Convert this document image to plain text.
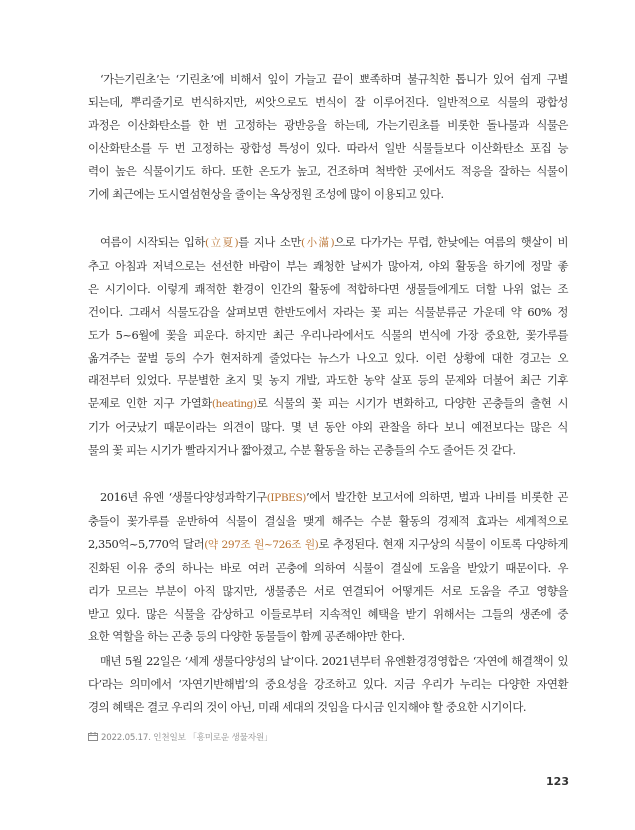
‘가는기린초’는 ‘기린초’에 비해서 잎이 가늘고 끝이 뾰족하며 불규칙한 톱니가 있어 쉽게 구별
되는데, 뿌리줄기로 번식하지만, 씨앗으로도 번식이 잘 이루어진다. 일반적으로 식물의 광합성
과정은 이산화탄소를 한 번 고정하는 광반응을 하는데, 가는기린초를 비롯한 돌나물과 식물은
이산화탄소를 두 번 고정하는 광합성 특성이 있다. 따라서 일반 식물들보다 이산화탄소 포집 능
력이 높은 식물이기도 하다. 또한 온도가 높고, 건조하며 척박한 곳에서도 적응을 잘하는 식물이
기에 최근에는 도시열섬현상을 줄이는 옥상정원 조성에 많이 이용되고 있다.
여름이 시작되는 입하(立夏)를 지나 소만(小滿)으로 다가가는 무렵, 한낮에는 여름의 햇살이 비
추고 아침과 저녁으로는 선선한 바람이 부는 쾌청한 날씨가 많아져, 야외 활동을 하기에 정말 좋
은 시기이다. 이렇게 쾌적한 환경이 인간의 활동에 적합하다면 생물들에게도 더할 나위 없는 조
건이다. 그래서 식물도감을 살펴보면 한반도에서 자라는 꽃 피는 식물분류군 가운데 약 60% 정
도가 5~6월에 꽃을 피운다. 하지만 최근 우리나라에서도 식물의 번식에 가장 중요한, 꽃가루를
옮겨주는 꿀벌 등의 수가 현저하게 줄었다는 뉴스가 나오고 있다. 이런 상황에 대한 경고는 오
래전부터 있었다. 무분별한 초지 및 농지 개발, 과도한 농약 살포 등의 문제와 더불어 최근 기후
문제로 인한 지구 가열화(heating)로 식물의 꽃 피는 시기가 변화하고, 다양한 곤충들의 출현 시
기가 어긋났기 때문이라는 의견이 많다. 몇 년 동안 야외 관찰을 하다 보니 예전보다는 많은 식
물의 꽃 피는 시기가 빨라지거나 짧아졌고, 수분 활동을 하는 곤충들의 수도 줄어든 것 같다.
2016년 유엔 ‘생물다양성과학기구(IPBES)’에서 발간한 보고서에 의하면, 벌과 나비를 비롯한 곤
충들이 꽃가루를 운반하여 식물이 결실을 맺게 해주는 수분 활동의 경제적 효과는 세계적으로
2,350억~5,770억 달러(약 297조 원~726조 원)로 추정된다. 현재 지구상의 식물이 이토록 다양하게
진화된 이유 중의 하나는 바로 여러 곤충에 의하여 식물이 결실에 도움을 받았기 때문이다. 우
리가 모르는 부분이 아직 많지만, 생물종은 서로 연결되어 어떻게든 서로 도움을 주고 영향을
받고 있다. 많은 식물을 감상하고 이들로부터 지속적인 혜택을 받기 위해서는 그들의 생존에 중
요한 역할을 하는 곤충 등의 다양한 동물들이 함께 공존해야만 한다.
매년 5월 22일은 ‘세계 생물다양성의 날’이다. 2021년부터 유엔환경경영합은 ‘자연에 해결책이 있
다’라는 의미에서 ‘자연기반해법’의 중요성을 강조하고 있다. 지금 우리가 누리는 다양한 자연환
경의 혜택은 결코 우리의 것이 아닌, 미래 세대의 것임을 다시금 인지해야 할 중요한 시기이다.
2022.05.17. 인천일보 「흥미로운 생물자원」
123
